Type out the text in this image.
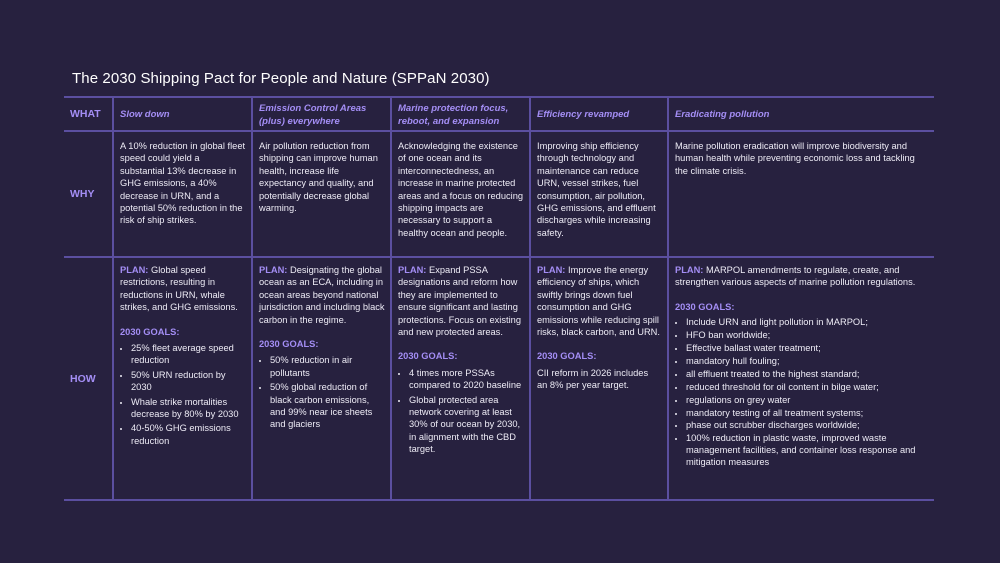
The 2030 Shipping Pact for People and Nature (SPPaN 2030)
WHAT
WHY
HOW
Slow down
Emission Control Areas (plus) everywhere
Marine protection focus, reboot, and expansion
Efficiency revamped	Eradicating pollution
A 10% reduction in global fleet speed could yield a substantial 13% decrease in GHG emissions, a 40% decrease in URN, and a potential 50% reduction in the risk of ship strikes.
Air pollution reduction from shipping can improve human health, increase life expectancy and quality, and potentially decrease global warming.
Acknowledging the existence of one ocean and its interconnectedness, an increase in marine protected areas and a focus on reducing shipping impacts are necessary to support a healthy ocean and people.
Improving ship efficiency through technology and maintenance can reduce URN, vessel strikes, fuel consumption, air pollution, GHG emissions, and effluent discharges while increasing safety.
Marine pollution eradication will improve biodiversity and human health while preventing economic loss and tackling the climate crisis.

PLAN: Global speed restrictions, resulting in reductions in URN, whale strikes, and GHG emissions.

2030 GOALS:
• 25% fleet average speed reduction
• 50% URN reduction by 2030
• Whale strike mortalities decrease by 80% by 2030
• 40-50% GHG emissions reduction

PLAN: Designating the global ocean as an ECA, including in ocean areas beyond national jurisdiction and including black carbon in the regime.

2030 GOALS:
• 50% reduction in air pollutants
• 50% global reduction of black carbon emissions, and 99% near ice sheets and glaciers

PLAN: Expand PSSA designations and reform how they are implemented to ensure significant and lasting protections. Focus on existing and new protected areas.

2030 GOALS:
• 4 times more PSSAs compared to 2020 baseline
• Global protected area network covering at least 30% of our ocean by 2030, in alignment with the CBD target.

PLAN: Improve the energy efficiency of ships, which swiftly brings down fuel consumption and GHG emissions while reducing spill risks, black carbon, and URN.

2030 GOALS:

CII reform in 2026 includes an 8% per year target.

PLAN: MARPOL amendments to regulate, create, and strengthen various aspects of marine pollution regulations.

2030 GOALS:
• Include URN and light pollution in MARPOL;
• HFO ban worldwide;
• Effective ballast water treatment;
• mandatory hull fouling;
• all effluent treated to the highest standard;
• reduced threshold for oil content in bilge water;
• regulations on grey water
• mandatory testing of all treatment systems;
• phase out scrubber discharges worldwide;
• 100% reduction in plastic waste, improved waste management facilities, and container loss response and mitigation measures
